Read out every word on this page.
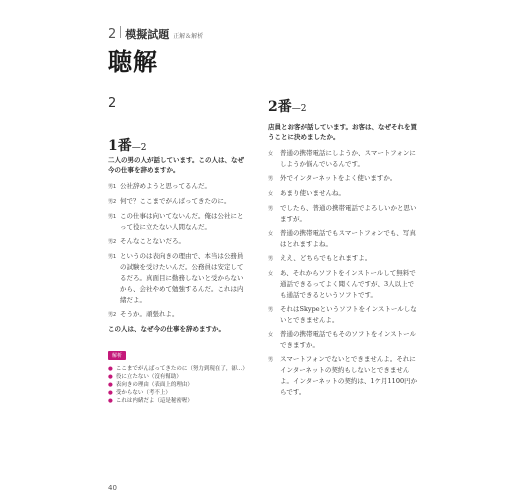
2 模擬試題 正解＆解析
聴解
2
1番—2
二人の男の人が話しています。この人は、なぜ今の仕事を辞めますか。
男1 公社辞めようと思ってるんだ。
男2 何で？ここまでがんばってきたのに。
男1 この仕事は向いてないんだ。俺は公社にとって役に立たない人間なんだ。
男2 そんなことないだろ。
男1 というのは表向きの理由で、本当は公務員の試験を受けたいんだ。公務員は安定してるだろ。真面目に勤務しないと受からないから、会社やめて勉強するんだ。これは内緒だよ。
男2 そうか。頑張れよ。
この人は、なぜ今の仕事を辞めますか。
解析
● ここまでがんばってきたのに（努力到現在了，卻…）
● 役に立たない（沒有幫助）
● 表向きの理由（表面上的理由）
● 受からない（考不上）
● これは内緒だよ（這是秘密喔）
2番—2
店員とお客が話しています。お客は、なぜそれを買うことに決めましたか。
女	普通の携帯電話にしようか、スマートフォンにしようか悩んでいるんです。
男	外でインターネットをよく使いますか。
女	あまり使いませんね。
男	でしたら、普通の携帯電話でよろしいかと思いますが。
女	普通の携帯電話でもスマートフォンでも、写真はとれますよね。
男	ええ、どちらでもとれますよ。
女	あ、それからソフトをインストールして無料で通話できるってよく聞くんですが、3人以上でも通話できるというソフトです。
男	それはSkypeというソフトをインストールしないとできませんよ。
女	普通の携帯電話でもそのソフトをインストールできますか。
男	スマートフォンでないとできませんよ。それにインターネットの契約もしないとできませんよ。インターネットの契約は、1ケ月1100円からです。
40
